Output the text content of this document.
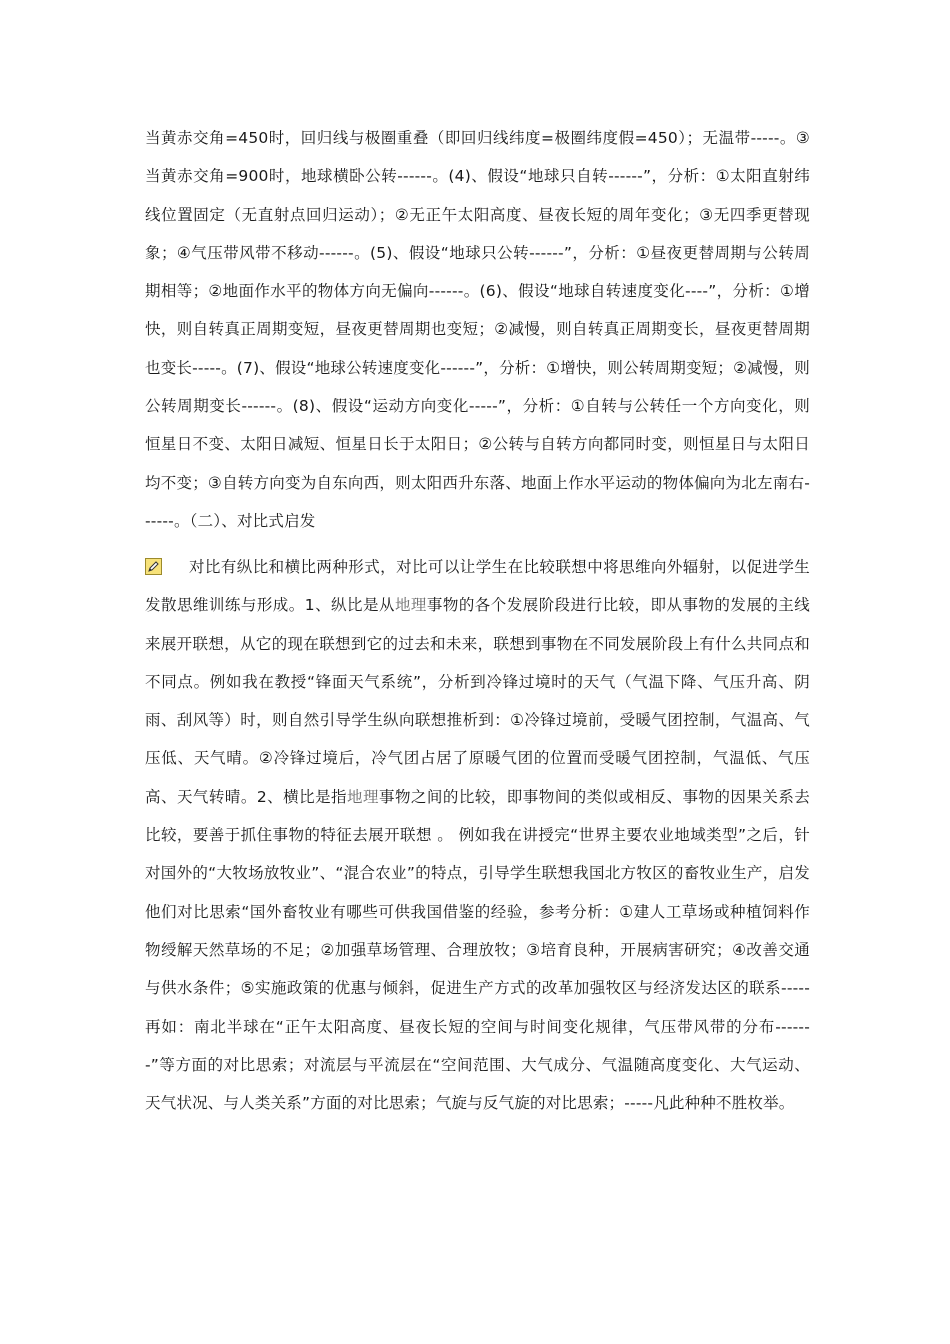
当黄赤交角=450时，回归线与极圈重叠（即回归线纬度=极圈纬度假=450）；无温带-----。③当黄赤交角=900时，地球横卧公转------。(4)、假设“地球只自转------”，分析：①太阳直射纬线位置固定（无直射点回归运动）；②无正午太阳高度、昼夜长短的周年变化；③无四季更替现象；④气压带风带不移动------。(5)、假设“地球只公转------”，分析：①昼夜更替周期与公转周期相等；②地面作水平的物体方向无偏向------。(6)、假设“地球自转速度变化----”，分析：①增快，则自转真正周期变短，昼夜更替周期也变短；②减慢，则自转真正周期变长，昼夜更替周期也变长-----。(7)、假设“地球公转速度变化------”，分析：①增快，则公转周期变短；②减慢，则公转周期变长------。(8)、假设“运动方向变化-----”，分析：①自转与公转任一个方向变化，则恒星日不变、太阳日减短、恒星日长于太阳日；②公转与自转方向都同时变，则恒星日与太阳日均不变；③自转方向变为自东向西，则太阳西升东落、地面上作水平运动的物体偏向为北左南右------。（二）、对比式启发

对比有纵比和横比两种形式，对比可以让学生在比较联想中将思维向外辐射，以促进学生发散思维训练与形成。1、纵比是从地理事物的各个发展阶段进行比较，即从事物的发展的主线来展开联想，从它的现在联想到它的过去和未来，联想到事物在不同发展阶段上有什么共同点和不同点。例如我在教授“锋面天气系统”，分析到冷锋过境时的天气（气温下降、气压升高、阴雨、刮风等）时，则自然引导学生纵向联想推析到：①冷锋过境前，受暖气团控制，气温高、气压低、天气晴。②冷锋过境后，冷气团占居了原暖气团的位置而受暖气团控制，气温低、气压高、天气转晴。2、横比是指地理事物之间的比较，即事物间的类似或相反、事物的因果关系去比较，要善于抓住事物的特征去展开联想 。 例如我在讲授完“世界主要农业地域类型”之后，针对国外的“大牧场放牧业”、“混合农业”的特点，引导学生联想我国北方牧区的畜牧业生产，启发他们对比思索“国外畜牧业有哪些可供我国借鉴的经验，参考分析：①建人工草场或种植饲料作物绶解天然草场的不足；②加强草场管理、合理放牧；③培育良种，开展病害研究；④改善交通与供水条件；⑤实施政策的优惠与倾斜，促进生产方式的改革加强牧区与经济发达区的联系----- 再如：南北半球在“正午太阳高度、昼夜长短的空间与时间变化规律，气压带风带的分布-------”等方面的对比思索；对流层与平流层在“空间范围、大气成分、气温随高度变化、大气运动、天气状况、与人类关系”方面的对比思索；气旋与反气旋的对比思索；-----凡此种种不胜枚举。
